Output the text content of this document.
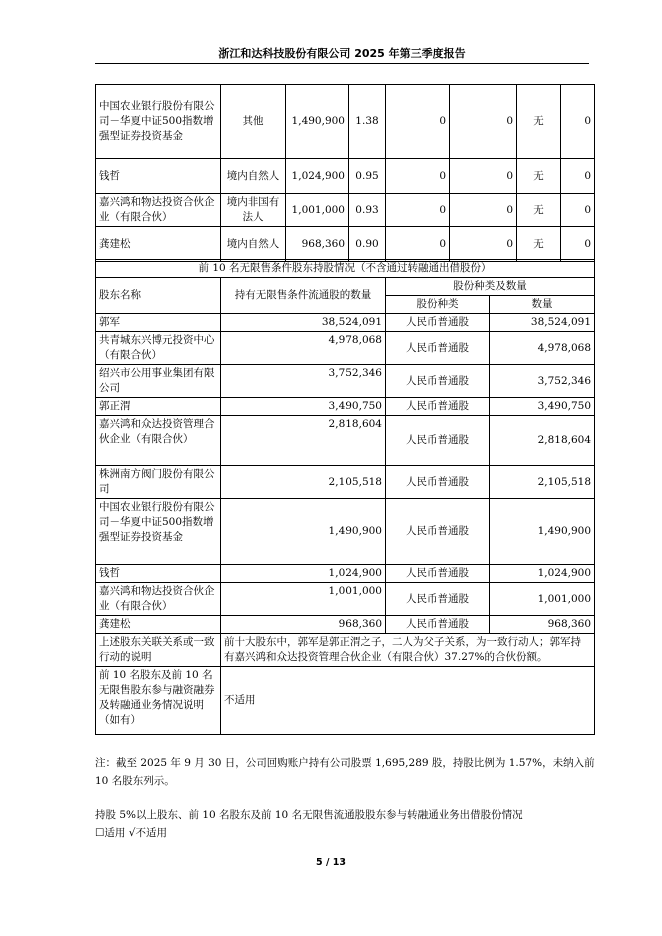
浙江和达科技股份有限公司 2025 年第三季度报告
中国农业银行股份有限公司－华夏中证500指数增强型证券投资基金	其他	1,490,900	1.38	0	0	无	0
钱哲	境内自然人	1,024,900	0.95	0	0	无	0
嘉兴鸿和物达投资合伙企业（有限合伙）	境内非国有法人	1,001,000	0.93	0	0	无	0
龚建松	境内自然人	968,360	0.90	0	0	无	0
前 10 名无限售条件股东持股情况（不含通过转融通出借股份）			
股东名称	持有无限售条件流通股的数量	股份种类及数量	
		股份种类	数量
郭军	38,524,091	人民币普通股	38,524,091
共青城东兴博元投资中心（有限合伙）	4,978,068	人民币普通股	4,978,068
绍兴市公用事业集团有限公司	3,752,346	人民币普通股	3,752,346
郭正渭	3,490,750	人民币普通股	3,490,750
嘉兴鸿和众达投资管理合伙企业（有限合伙）	2,818,604	人民币普通股	2,818,604
株洲南方阀门股份有限公司	2,105,518	人民币普通股	2,105,518
中国农业银行股份有限公司－华夏中证500指数增强型证券投资基金	1,490,900	人民币普通股	1,490,900
钱哲	1,024,900	人民币普通股	1,024,900
嘉兴鸿和物达投资合伙企业（有限合伙）	1,001,000	人民币普通股	1,001,000
龚建松	968,360	人民币普通股	968,360
上述股东关联关系或一致行动的说明	前十大股东中，郭军是郭正渭之子，二人为父子关系，为一致行动人；郭军持有嘉兴鸿和众达投资管理合伙企业（有限合伙）37.27%的合伙份额。		
前 10 名股东及前 10 名无限售股东参与融资融券及转融通业务情况说明（如有）	不适用		
注：截至 2025 年 9 月 30 日，公司回购账户持有公司股票 1,695,289 股，持股比例为 1.57%，未纳入前 10 名股东列示。
持股 5%以上股东、前 10 名股东及前 10 名无限售流通股股东参与转融通业务出借股份情况
☐适用 √不适用
5 / 13
